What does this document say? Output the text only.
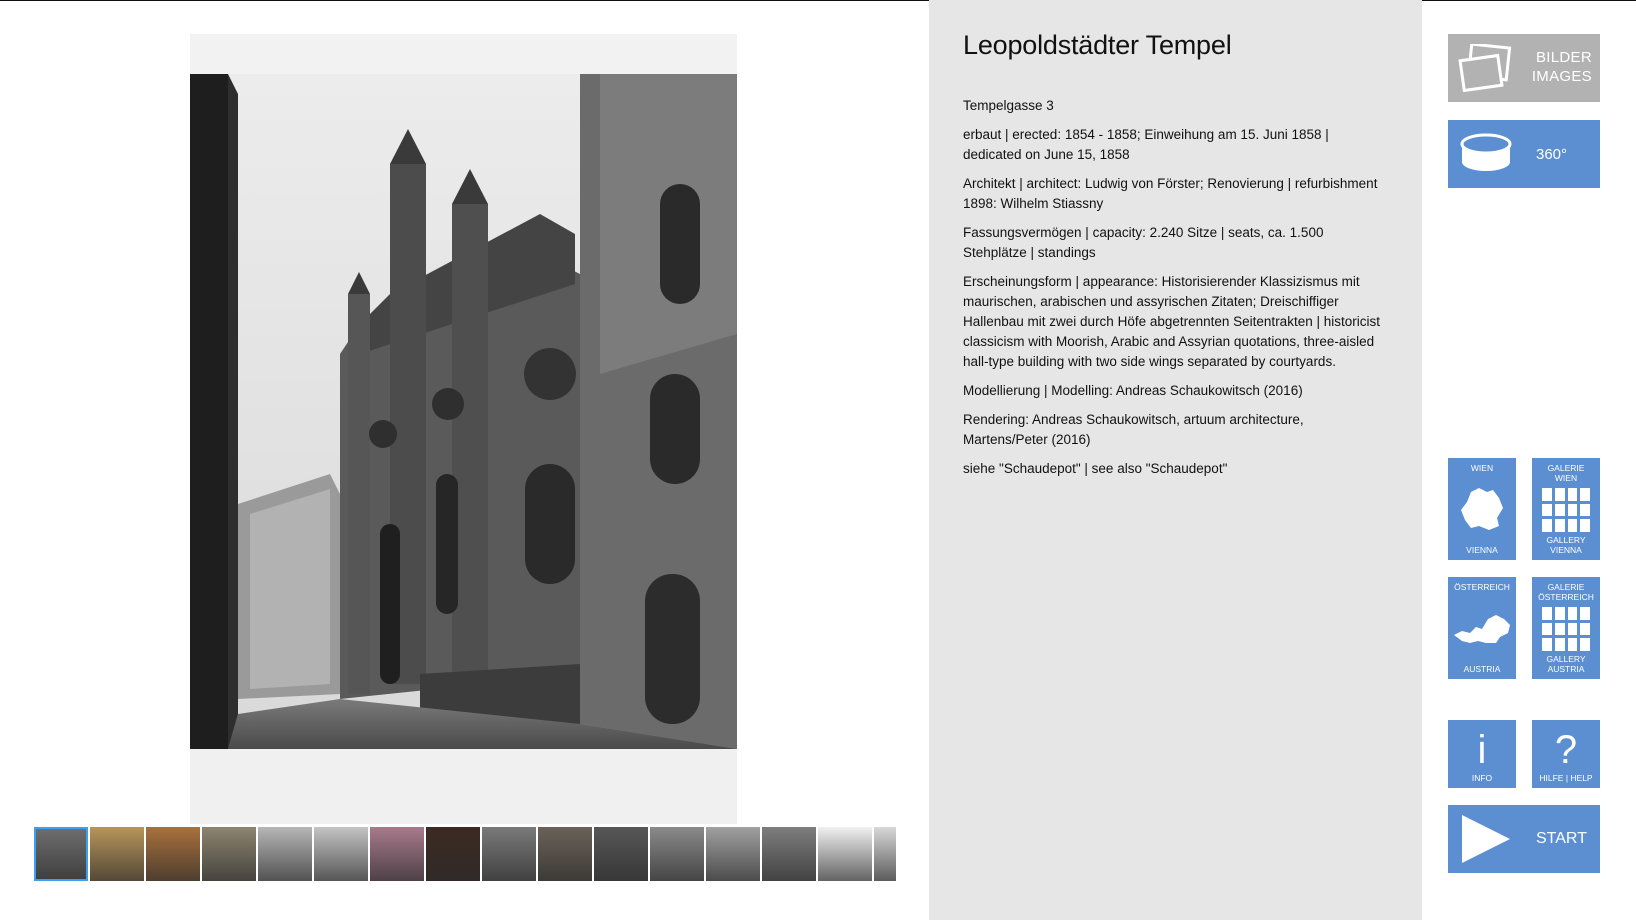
Leopoldstädter Tempel

Tempelgasse 3

erbaut | erected: 1854 - 1858; Einweihung am 15. Juni 1858 | dedicated on June 15, 1858

Architekt | architect: Ludwig von Förster; Renovierung | refurbishment 1898: Wilhelm Stiassny

Fassungsvermögen | capacity: 2.240 Sitze | seats, ca. 1.500 Stehplätze | standings

Erscheinungsform | appearance: Historisierender Klassizismus mit maurischen, arabischen und assyrischen Zitaten; Dreischiffiger Hallenbau mit zwei durch Höfe abgetrennten Seitentrakten | historicist classicism with Moorish, Arabic and Assyrian quotations, three-aisled hall-type building with two side wings separated by courtyards.

Modellierung | Modelling: Andreas Schaukowitsch (2016)

Rendering: Andreas Schaukowitsch, artuum architecture, Martens/Peter (2016)

siehe "Schaudepot" | see also "Schaudepot"

BILDER
IMAGES
360°
WIEN
VIENNA
GALERIE
WIEN
GALLERY
VIENNA
ÖSTERREICH
AUSTRIA
GALERIE
ÖSTERREICH
GALLERY
AUSTRIA
i
INFO
?
HILFE | HELP
START
